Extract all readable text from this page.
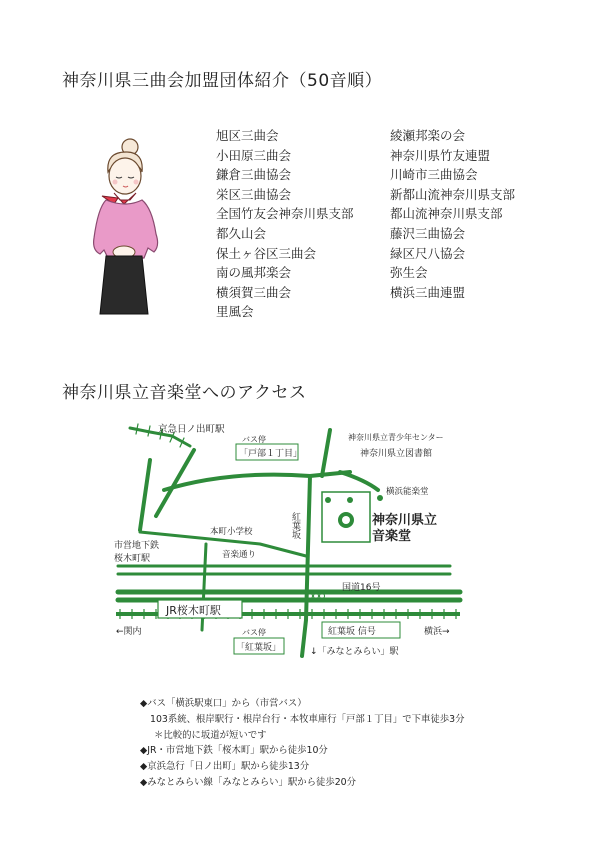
神奈川県三曲会加盟団体紹介（50音順）
旭区三曲会
小田原三曲会
鎌倉三曲協会
栄区三曲協会
全国竹友会神奈川県支部
都久山会
保土ヶ谷区三曲会
南の風邦楽会
横須賀三曲会
里風会
綾瀬邦楽の会
神奈川県竹友連盟
川崎市三曲協会
新都山流神奈川県支部
都山流神奈川県支部
藤沢三曲協会
緑区尺八協会
弥生会
横浜三曲連盟
神奈川県立音楽堂へのアクセス
京急日ノ出町駅
バス停
「戸部１丁目」
神奈川県立青少年センター
神奈川県立図書館
横浜能楽堂
紅葉坂	神奈川県立
音楽堂
本町小学校
市営地下鉄
桜木町駅	音楽通り
国道16号
JR桜木町駅
←関内	横浜→
紅葉坂 信号
バス停
「紅葉坂」	↓「みなとみらい」駅
◆バス「横浜駅東口」から（市営バス）
103系統、根岸駅行・根岸台行・本牧車庫行「戸部１丁目」で下車徒歩3分
＊比較的に坂道が短いです
◆JR・市営地下鉄「桜木町」駅から徒歩10分
◆京浜急行「日ノ出町」駅から徒歩13分
◆みなとみらい線「みなとみらい」駅から徒歩20分
